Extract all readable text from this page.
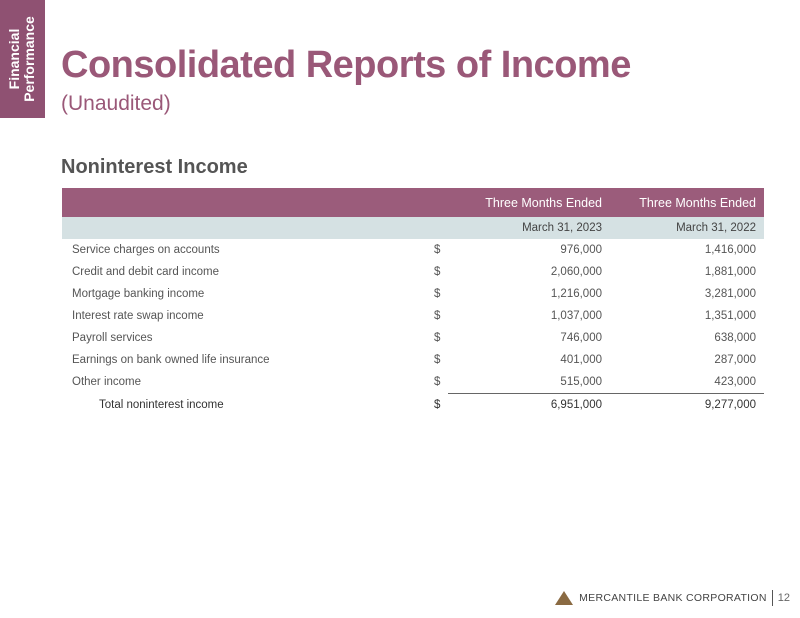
Financial Performance Consolidated Reports of Income
(Unaudited)
Noninterest Income
		Three Months Ended	Three Months Ended
		March 31, 2023	March 31, 2022
Service charges on accounts	$	976,000	1,416,000
Credit and debit card income	$	2,060,000	1,881,000
Mortgage banking income	$	1,216,000	3,281,000
Interest rate swap income	$	1,037,000	1,351,000
Payroll services	$	746,000	638,000
Earnings on bank owned life insurance	$	401,000	287,000
Other income	$	515,000	423,000
Total noninterest income	$	6,951,000	9,277,000
MERCANTILE BANK CORPORATION 12
